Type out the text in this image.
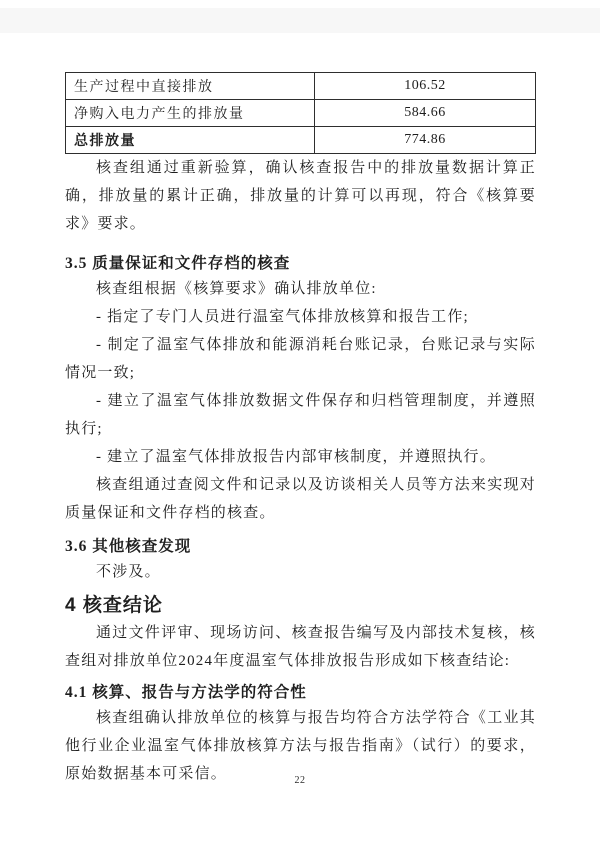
生产过程中直接排放	106.52
净购入电力产生的排放量	584.66
总排放量	774.86

核查组通过重新验算，确认核查报告中的排放量数据计算正确，排放量的累计正确，排放量的计算可以再现，符合《核算要求》要求。

3.5 质量保证和文件存档的核查

核查组根据《核算要求》确认排放单位:

- 指定了专门人员进行温室气体排放核算和报告工作;

- 制定了温室气体排放和能源消耗台账记录，台账记录与实际情况一致;

- 建立了温室气体排放数据文件保存和归档管理制度，并遵照执行;

- 建立了温室气体排放报告内部审核制度，并遵照执行。

核查组通过查阅文件和记录以及访谈相关人员等方法来实现对质量保证和文件存档的核查。

3.6 其他核查发现

不涉及。

4 核查结论

通过文件评审、现场访问、核查报告编写及内部技术复核，核查组对排放单位2024年度温室气体排放报告形成如下核查结论:

4.1 核算、报告与方法学的符合性

核查组确认排放单位的核算与报告均符合方法学符合《工业其他行业企业温室气体排放核算方法与报告指南》（试行）的要求，原始数据基本可采信。	22
